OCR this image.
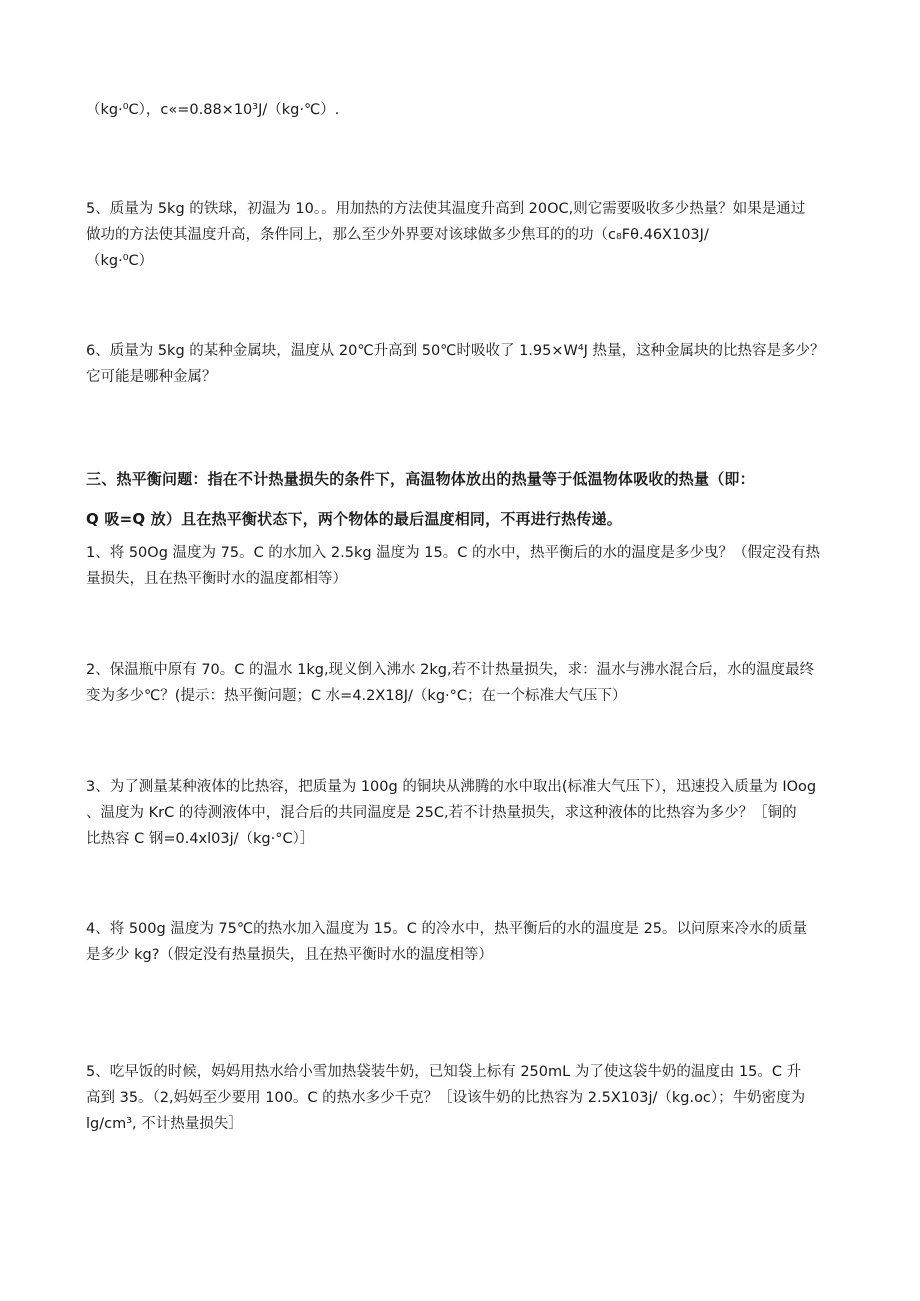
（kg·⁰C），c«=0.88×10³J∕（kg·℃）.

5、质量为 5kg 的铁球，初温为 10。。用加热的方法使其温度升高到 20OC,则它需要吸收多少热量？如果是通过
做功的方法使其温度升高，条件同上，那么至少外界要对该球做多少焦耳的的功（c₈Fθ.46X103J/
（kg·⁰C）

6、质量为 5kg 的某种金属块，温度从 20℃升高到 50℃时吸收了 1.95×W⁴J 热量，这种金属块的比热容是多少？
它可能是哪种金属？

三、热平衡问题：指在不计热量损失的条件下，高温物体放出的热量等于低温物体吸收的热量（即：
Q 吸=Q 放）且在热平衡状态下，两个物体的最后温度相同，不再进行热传递。

1、将 50Og 温度为 75。C 的水加入 2.5kg 温度为 15。C 的水中，热平衡后的水的温度是多少曳？（假定没有热
量损失，且在热平衡时水的温度都相等）

2、保温瓶中原有 70。C 的温水 1kg,现义倒入沸水 2kg,若不计热量损失，求：温水与沸水混合后，水的温度最终
变为多少℃？(提示：热平衡问题；C 水=4.2X18J/（kg·°C；在一个标准大气压下）

3、为了测量某种液体的比热容，把质量为 100g 的铜块从沸腾的水中取出(标准大气压下），迅速投入质量为 IOog
、温度为 KrC 的待测液体中，混合后的共同温度是 25C,若不计热量损失，求这种液体的比热容为多少？［铜的
比热容 C 钢=0.4xl03j∕（kg·°C）］

4、将 500g 温度为 75℃的热水加入温度为 15。C 的冷水中，热平衡后的水的温度是 25。以问原来冷水的质量
是多少 kg?（假定没有热量损失，且在热平衡时水的温度相等）

5、吃早饭的时候，妈妈用热水给小雪加热袋装牛奶，已知袋上标有 250mL 为了使这袋牛奶的温度由 15。C 升
高到 35。（2,妈妈至少要用 100。C 的热水多少千克？［设该牛奶的比热容为 2.5X103j∕（kg.oc）；牛奶密度为
lg∕cm³, 不计热量损失］
